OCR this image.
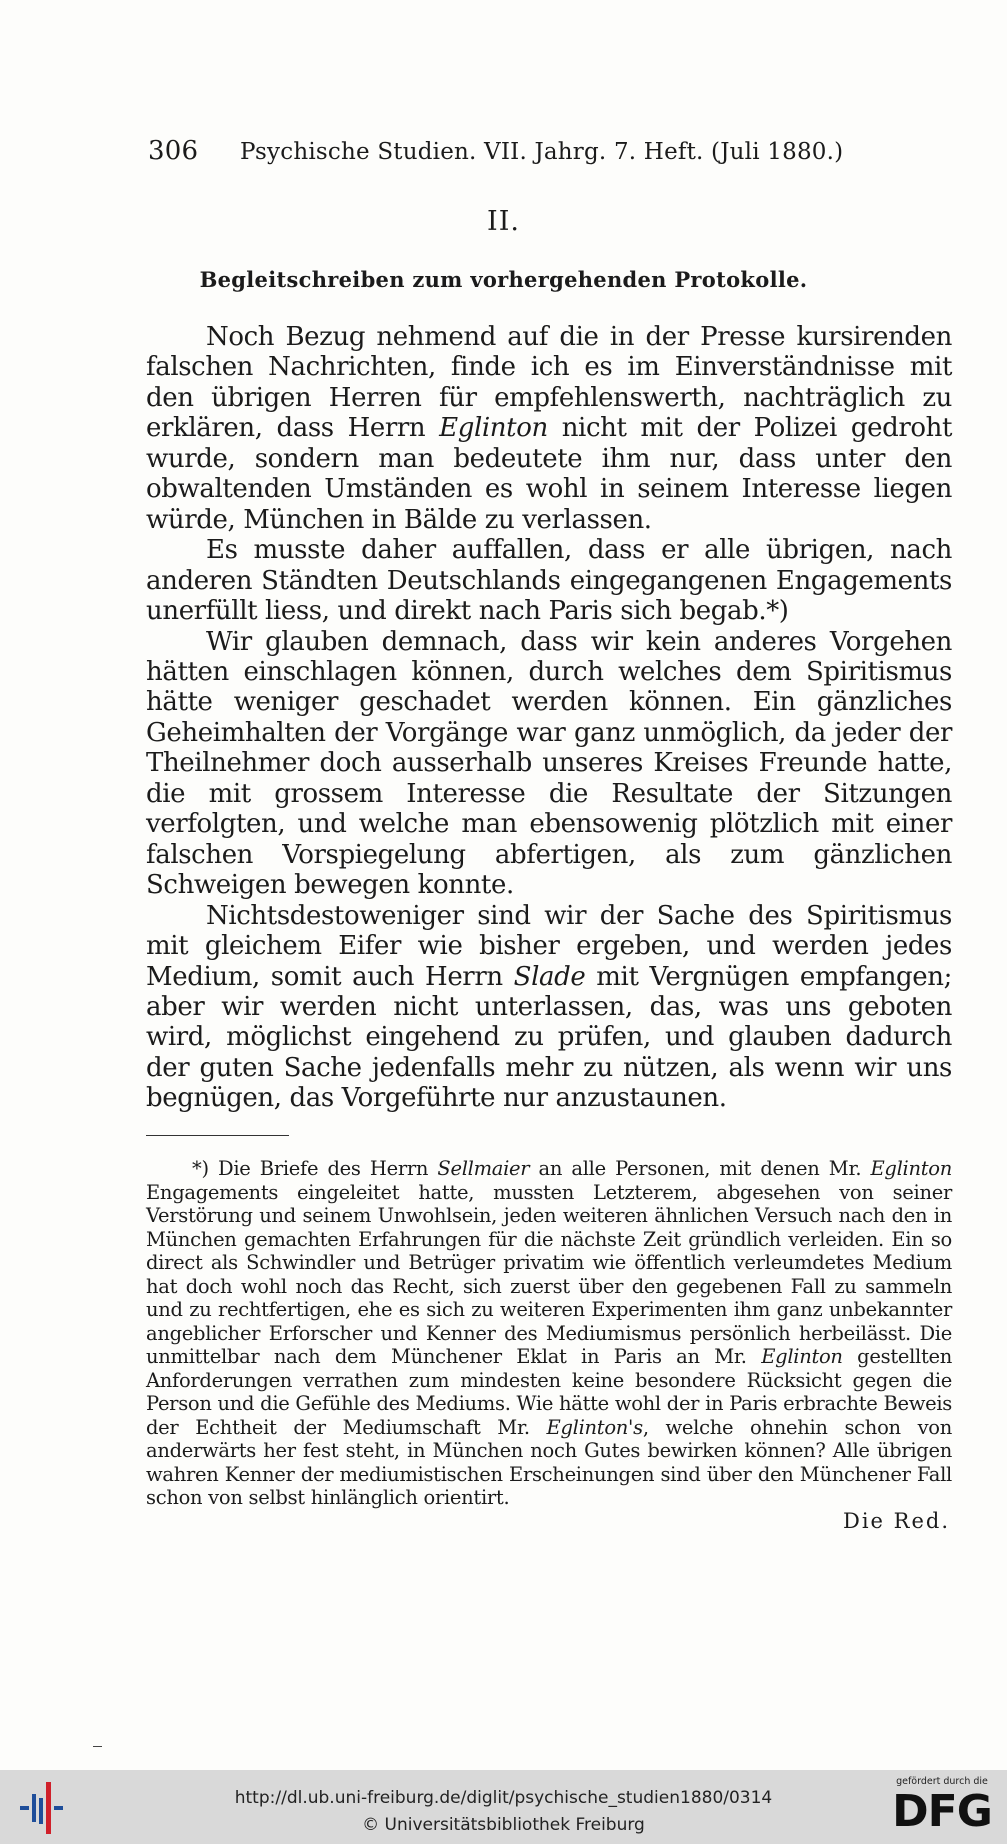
306 Psychische Studien. VII. Jahrg. 7. Heft. (Juli 1880.)
II.
Begleitschreiben zum vorhergehenden Protokolle.

Noch Bezug nehmend auf die in der Presse kursirenden falschen Nachrichten, finde ich es im Einverständnisse mit den übrigen Herren für empfehlenswerth, nachträglich zu erklären, dass Herrn Eglinton nicht mit der Polizei gedroht wurde, sondern man bedeutete ihm nur, dass unter den obwaltenden Umständen es wohl in seinem Interesse liegen würde, München in Bälde zu verlassen.

Es musste daher auffallen, dass er alle übrigen, nach anderen Ständten Deutschlands eingegangenen Engagements unerfüllt liess, und direkt nach Paris sich begab.*)

Wir glauben demnach, dass wir kein anderes Vorgehen hätten einschlagen können, durch welches dem Spiritismus hätte weniger geschadet werden können. Ein gänzliches Geheimhalten der Vorgänge war ganz unmöglich, da jeder der Theilnehmer doch ausserhalb unseres Kreises Freunde hatte, die mit grossem Interesse die Resultate der Sitzungen verfolgten, und welche man ebensowenig plötzlich mit einer falschen Vorspiegelung abfertigen, als zum gänzlichen Schweigen bewegen konnte.

Nichtsdestoweniger sind wir der Sache des Spiritismus mit gleichem Eifer wie bisher ergeben, und werden jedes Medium, somit auch Herrn Slade mit Vergnügen empfangen; aber wir werden nicht unterlassen, das, was uns geboten wird, möglichst eingehend zu prüfen, und glauben dadurch der guten Sache jedenfalls mehr zu nützen, als wenn wir uns begnügen, das Vorgeführte nur anzustaunen.

*) Die Briefe des Herrn Sellmaier an alle Personen, mit denen Mr. Eglinton Engagements eingeleitet hatte, mussten Letzterem, abgesehen von seiner Verstörung und seinem Unwohlsein, jeden weiteren ähnlichen Versuch nach den in München gemachten Erfahrungen für die nächste Zeit gründlich verleiden. Ein so direct als Schwindler und Betrüger privatim wie öffentlich verleumdetes Medium hat doch wohl noch das Recht, sich zuerst über den gegebenen Fall zu sammeln und zu rechtfertigen, ehe es sich zu weiteren Experimenten ihm ganz unbekannter angeblicher Erforscher und Kenner des Mediumismus persönlich herbeilässt. Die unmittelbar nach dem Münchener Eklat in Paris an Mr. Eglinton gestellten Anforderungen verrathen zum mindesten keine besondere Rücksicht gegen die Person und die Gefühle des Mediums. Wie hätte wohl der in Paris erbrachte Beweis der Echtheit der Mediumschaft Mr. Eglinton's, welche ohnehin schon von anderwärts her fest steht, in München noch Gutes bewirken können? Alle übrigen wahren Kenner der mediumistischen Erscheinungen sind über den Münchener Fall schon von selbst hinlänglich orientirt.

Die Red.
http://dl.ub.uni-freiburg.de/diglit/psychische_studien1880/0314
© Universitätsbibliothek Freiburg
gefördert durch die
DFG
